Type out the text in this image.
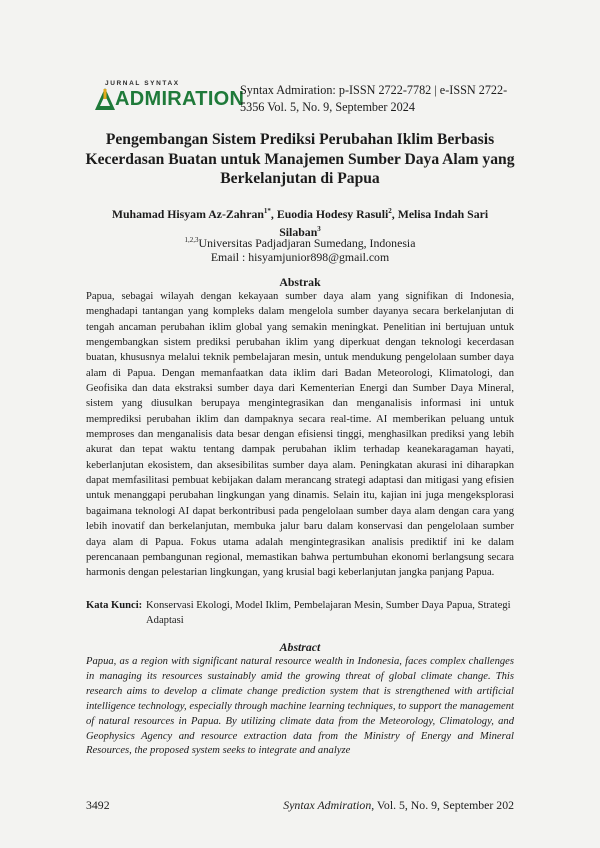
JURNAL SYNTAX
ADMIRATION
Syntax Admiration: p-ISSN 2722-7782 | e-ISSN 2722-5356 Vol. 5, No. 9, September 2024
Pengembangan Sistem Prediksi Perubahan Iklim Berbasis Kecerdasan Buatan untuk Manajemen Sumber Daya Alam yang Berkelanjutan di Papua
Muhamad Hisyam Az-Zahran$^{1*}$, Euodia Hodesy Rasuli$^2$, Melisa Indah Sari Silaban$^3$
$^{1,2,3}$Universitas Padjadjaran Sumedang, Indonesia
Email : hisyamjunior898@gmail.com
Abstrak

Papua, sebagai wilayah dengan kekayaan sumber daya alam yang signifikan di Indonesia, menghadapi tantangan yang kompleks dalam mengelola sumber dayanya secara berkelanjutan di tengah ancaman perubahan iklim global yang semakin meningkat. Penelitian ini bertujuan untuk mengembangkan sistem prediksi perubahan iklim yang diperkuat dengan teknologi kecerdasan buatan, khususnya melalui teknik pembelajaran mesin, untuk mendukung pengelolaan sumber daya alam di Papua. Dengan memanfaatkan data iklim dari Badan Meteorologi, Klimatologi, dan Geofisika dan data ekstraksi sumber daya dari Kementerian Energi dan Sumber Daya Mineral, sistem yang diusulkan berupaya mengintegrasikan dan menganalisis informasi ini untuk memprediksi perubahan iklim dan dampaknya secara real-time. AI memberikan peluang untuk memproses dan menganalisis data besar dengan efisiensi tinggi, menghasilkan prediksi yang lebih akurat dan tepat waktu tentang dampak perubahan iklim terhadap keanekaragaman hayati, keberlanjutan ekosistem, dan aksesibilitas sumber daya alam. Peningkatan akurasi ini diharapkan dapat memfasilitasi pembuat kebijakan dalam merancang strategi adaptasi dan mitigasi yang efisien untuk menanggapi perubahan lingkungan yang dinamis. Selain itu, kajian ini juga mengeksplorasi bagaimana teknologi AI dapat berkontribusi pada pengelolaan sumber daya alam dengan cara yang lebih inovatif dan berkelanjutan, membuka jalur baru dalam konservasi dan pengelolaan sumber daya alam di Papua. Fokus utama adalah mengintegrasikan analisis prediktif ini ke dalam perencanaan pembangunan regional, memastikan bahwa pertumbuhan ekonomi berlangsung secara harmonis dengan pelestarian lingkungan, yang krusial bagi keberlanjutan jangka panjang Papua.

Kata Kunci: Konservasi Ekologi, Model Iklim, Pembelajaran Mesin, Sumber Daya Papua, Strategi Adaptasi
Abstract

Papua, as a region with significant natural resource wealth in Indonesia, faces complex challenges in managing its resources sustainably amid the growing threat of global climate change. This research aims to develop a climate change prediction system that is strengthened with artificial intelligence technology, especially through machine learning techniques, to support the management of natural resources in Papua. By utilizing climate data from the Meteorology, Climatology, and Geophysics Agency and resource extraction data from the Ministry of Energy and Mineral Resources, the proposed system seeks to integrate and analyze

3492	Syntax Admiration, Vol. 5, No. 9, September 202
